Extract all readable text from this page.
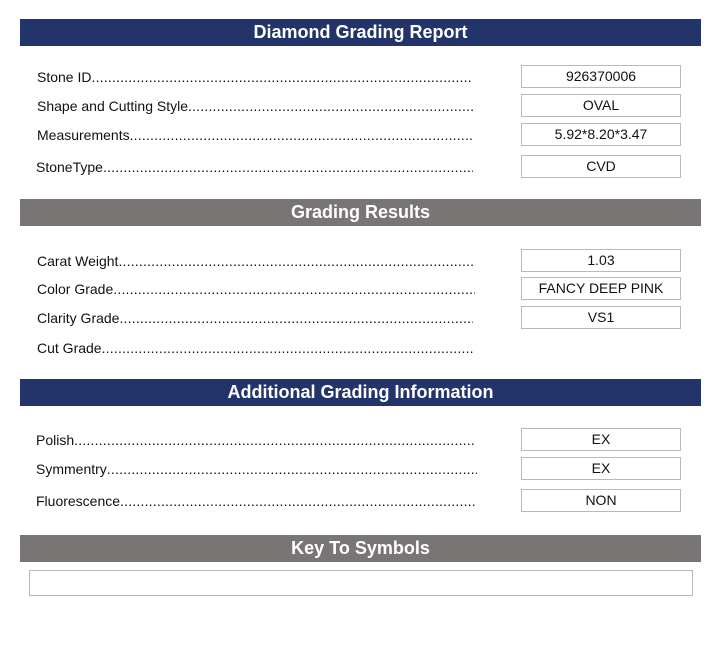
Diamond Grading Report
Stone ID .....	926370006
Shape and Cutting Style .....	OVAL
Measurements .....	5.92*8.20*3.47
StoneType .....	CVD
Grading Results
Carat Weight .....	1.03
Color Grade .....	FANCY DEEP PINK
Clarity Grade .....	VS1
Cut Grade .....
Additional Grading Information
Polish .....	EX
Symmentry .....	EX
Fluorescence .....	NON
Key To Symbols
